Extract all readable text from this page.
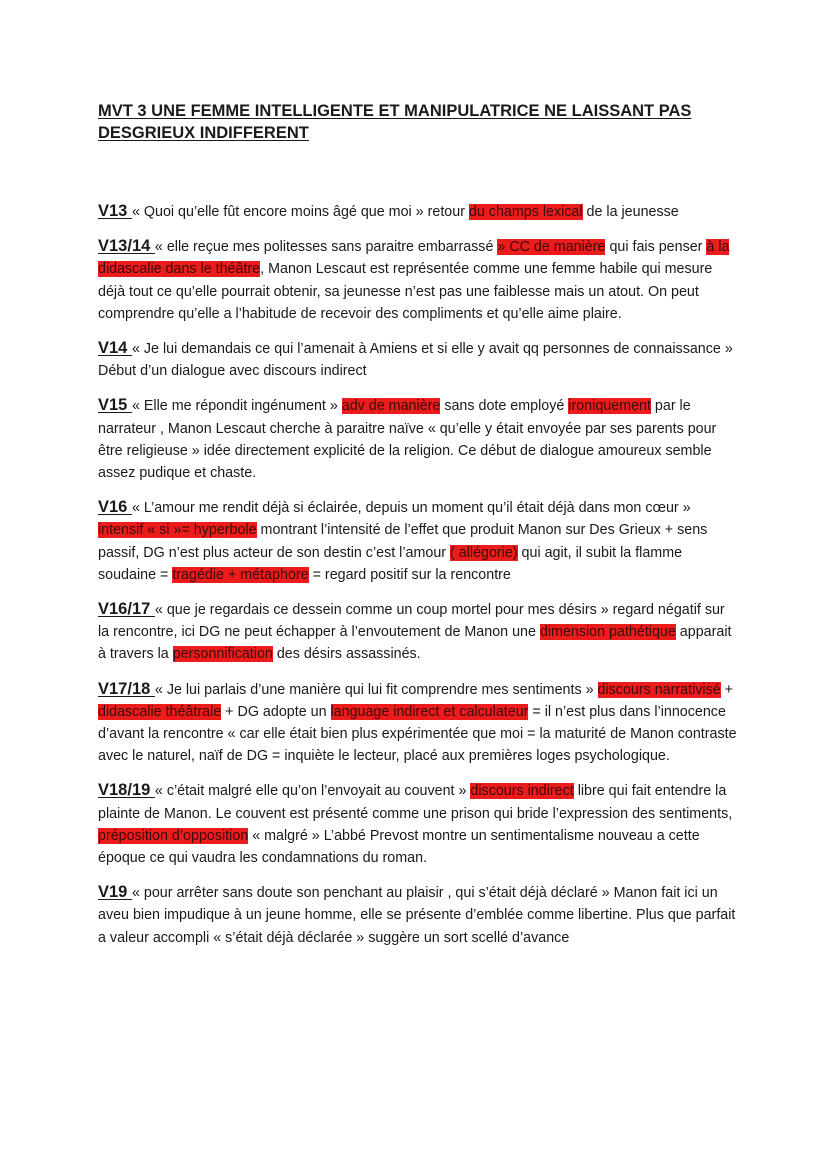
MVT 3 UNE FEMME INTELLIGENTE ET MANIPULATRICE NE LAISSANT PAS DESGRIEUX INDIFFERENT
V13 « Quoi qu’elle fût encore moins âgé que moi » retour du champs lexical de la jeunesse
V13/14 « elle reçue mes politesses sans paraitre embarrassé » CC de manière qui fais penser à la didascalie dans le théâtre, Manon Lescaut est représentée comme une femme habile qui mesure déjà tout ce qu’elle pourrait obtenir, sa jeunesse n’est pas une faiblesse mais un atout. On peut comprendre qu’elle a l’habitude de recevoir des compliments et qu’elle aime plaire.
V14 « Je lui demandais ce qui l’amenait à Amiens et si elle y avait qq personnes de connaissance » Début d’un dialogue avec discours indirect
V15 « Elle me répondit ingénument » adv de manière sans dote employé ironiquement par le narrateur , Manon Lescaut cherche à paraitre naïve « qu’elle y était envoyée par ses parents pour être religieuse » idée directement explicité de la religion. Ce début de dialogue amoureux semble assez pudique et chaste.
V16 « L’amour me rendit déjà si éclairée, depuis un moment qu’il était déjà dans mon cœur » intensif « si »= hyperbole montrant l’intensité de l’effet que produit Manon sur Des Grieux + sens passif, DG n’est plus acteur de son destin c’est l’amour ( allégorie) qui agit, il subit la flamme soudaine = tragédie + métaphore = regard positif sur la rencontre
V16/17 « que je regardais ce dessein comme un coup mortel pour mes désirs » regard négatif sur la rencontre, ici DG ne peut échapper à l’envoutement de Manon une dimension pathétique apparait à travers la personnification des désirs assassinés.
V17/18 « Je lui parlais d’une manière qui lui fit comprendre mes sentiments » discours narrativisé + didascalie théâtrale + DG adopte un language indirect et calculateur = il n’est plus dans l’innocence d’avant la rencontre « car elle était bien plus expérimentée que moi = la maturité de Manon contraste avec le naturel, naïf de DG = inquiète le lecteur, placé aux premières loges psychologique.
V18/19 « c’était malgré elle qu’on l’envoyait au couvent » discours indirect libre qui fait entendre la plainte de Manon. Le couvent est présenté comme une prison qui bride l’expression des sentiments, préposition d’opposition « malgré » L’abbé Prevost montre un sentimentalisme nouveau a cette époque ce qui vaudra les condamnations du roman.
V19 « pour arrêter sans doute son penchant au plaisir , qui s’était déjà déclaré » Manon fait ici un aveu bien impudique à un jeune homme, elle se présente d’emblée comme libertine. Plus que parfait a valeur accompli « s’était déjà déclarée » suggère un sort scellé d’avance
